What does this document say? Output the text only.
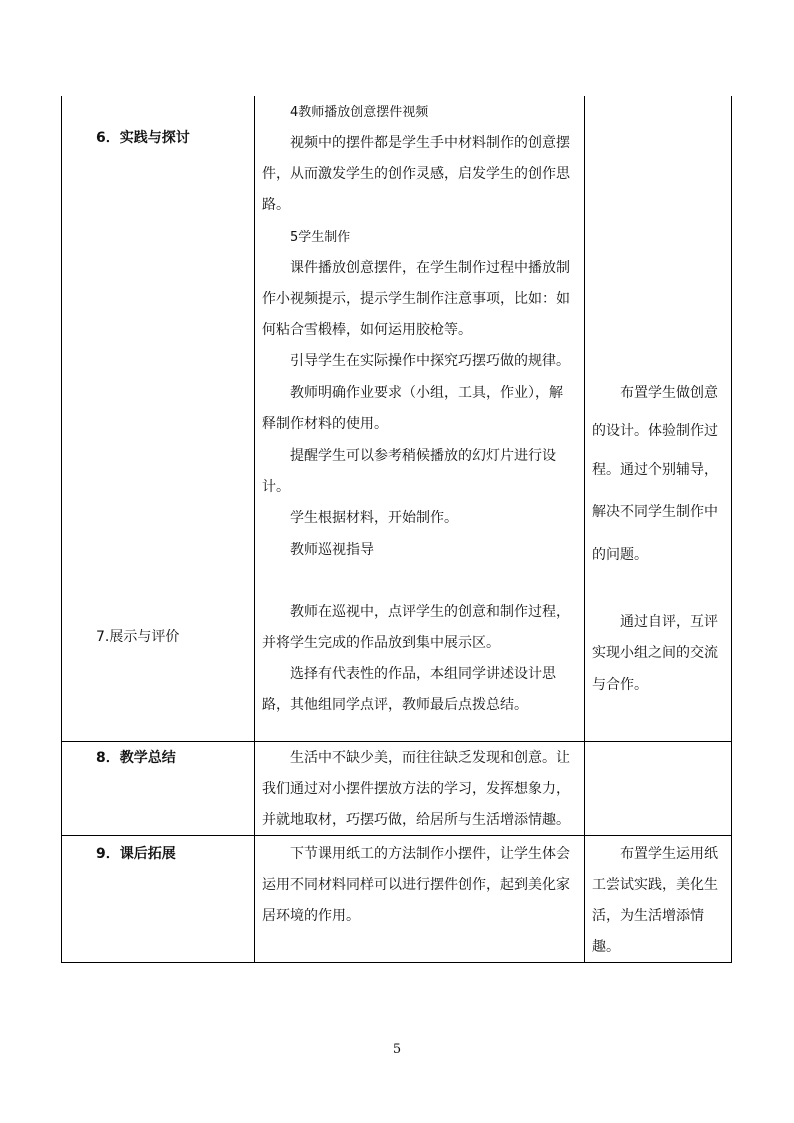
6．实践与探讨
7.展示与评价
4教师播放创意摆件视频
视频中的摆件都是学生手中材料制作的创意摆
件，从而激发学生的创作灵感，启发学生的创作思
路。
5学生制作
课件播放创意摆件，在学生制作过程中播放制
作小视频提示，提示学生制作注意事项，比如：如
何粘合雪椴棒，如何运用胶枪等。
引导学生在实际操作中探究巧摆巧做的规律。
教师明确作业要求（小组，工具，作业），解
释制作材料的使用。
提醒学生可以参考稍候播放的幻灯片进行设
计。
学生根据材料，开始制作。
教师巡视指导
教师在巡视中，点评学生的创意和制作过程，
并将学生完成的作品放到集中展示区。
选择有代表性的作品，本组同学讲述设计思
路，其他组同学点评，教师最后点拨总结。
布置学生做创意
的设计。体验制作过
程。通过个别辅导，
解决不同学生制作中
的问题。
通过自评，互评
实现小组之间的交流
与合作。
8．教学总结	生活中不缺少美，而往往缺乏发现和创意。让
我们通过对小摆件摆放方法的学习，发挥想象力，
并就地取材，巧摆巧做，给居所与生活增添情趣。
9．课后拓展	下节课用纸工的方法制作小摆件，让学生体会
运用不同材料同样可以进行摆件创作，起到美化家
居环境的作用。
布置学生运用纸
工尝试实践，美化生
活，为生活增添情
趣。
5
